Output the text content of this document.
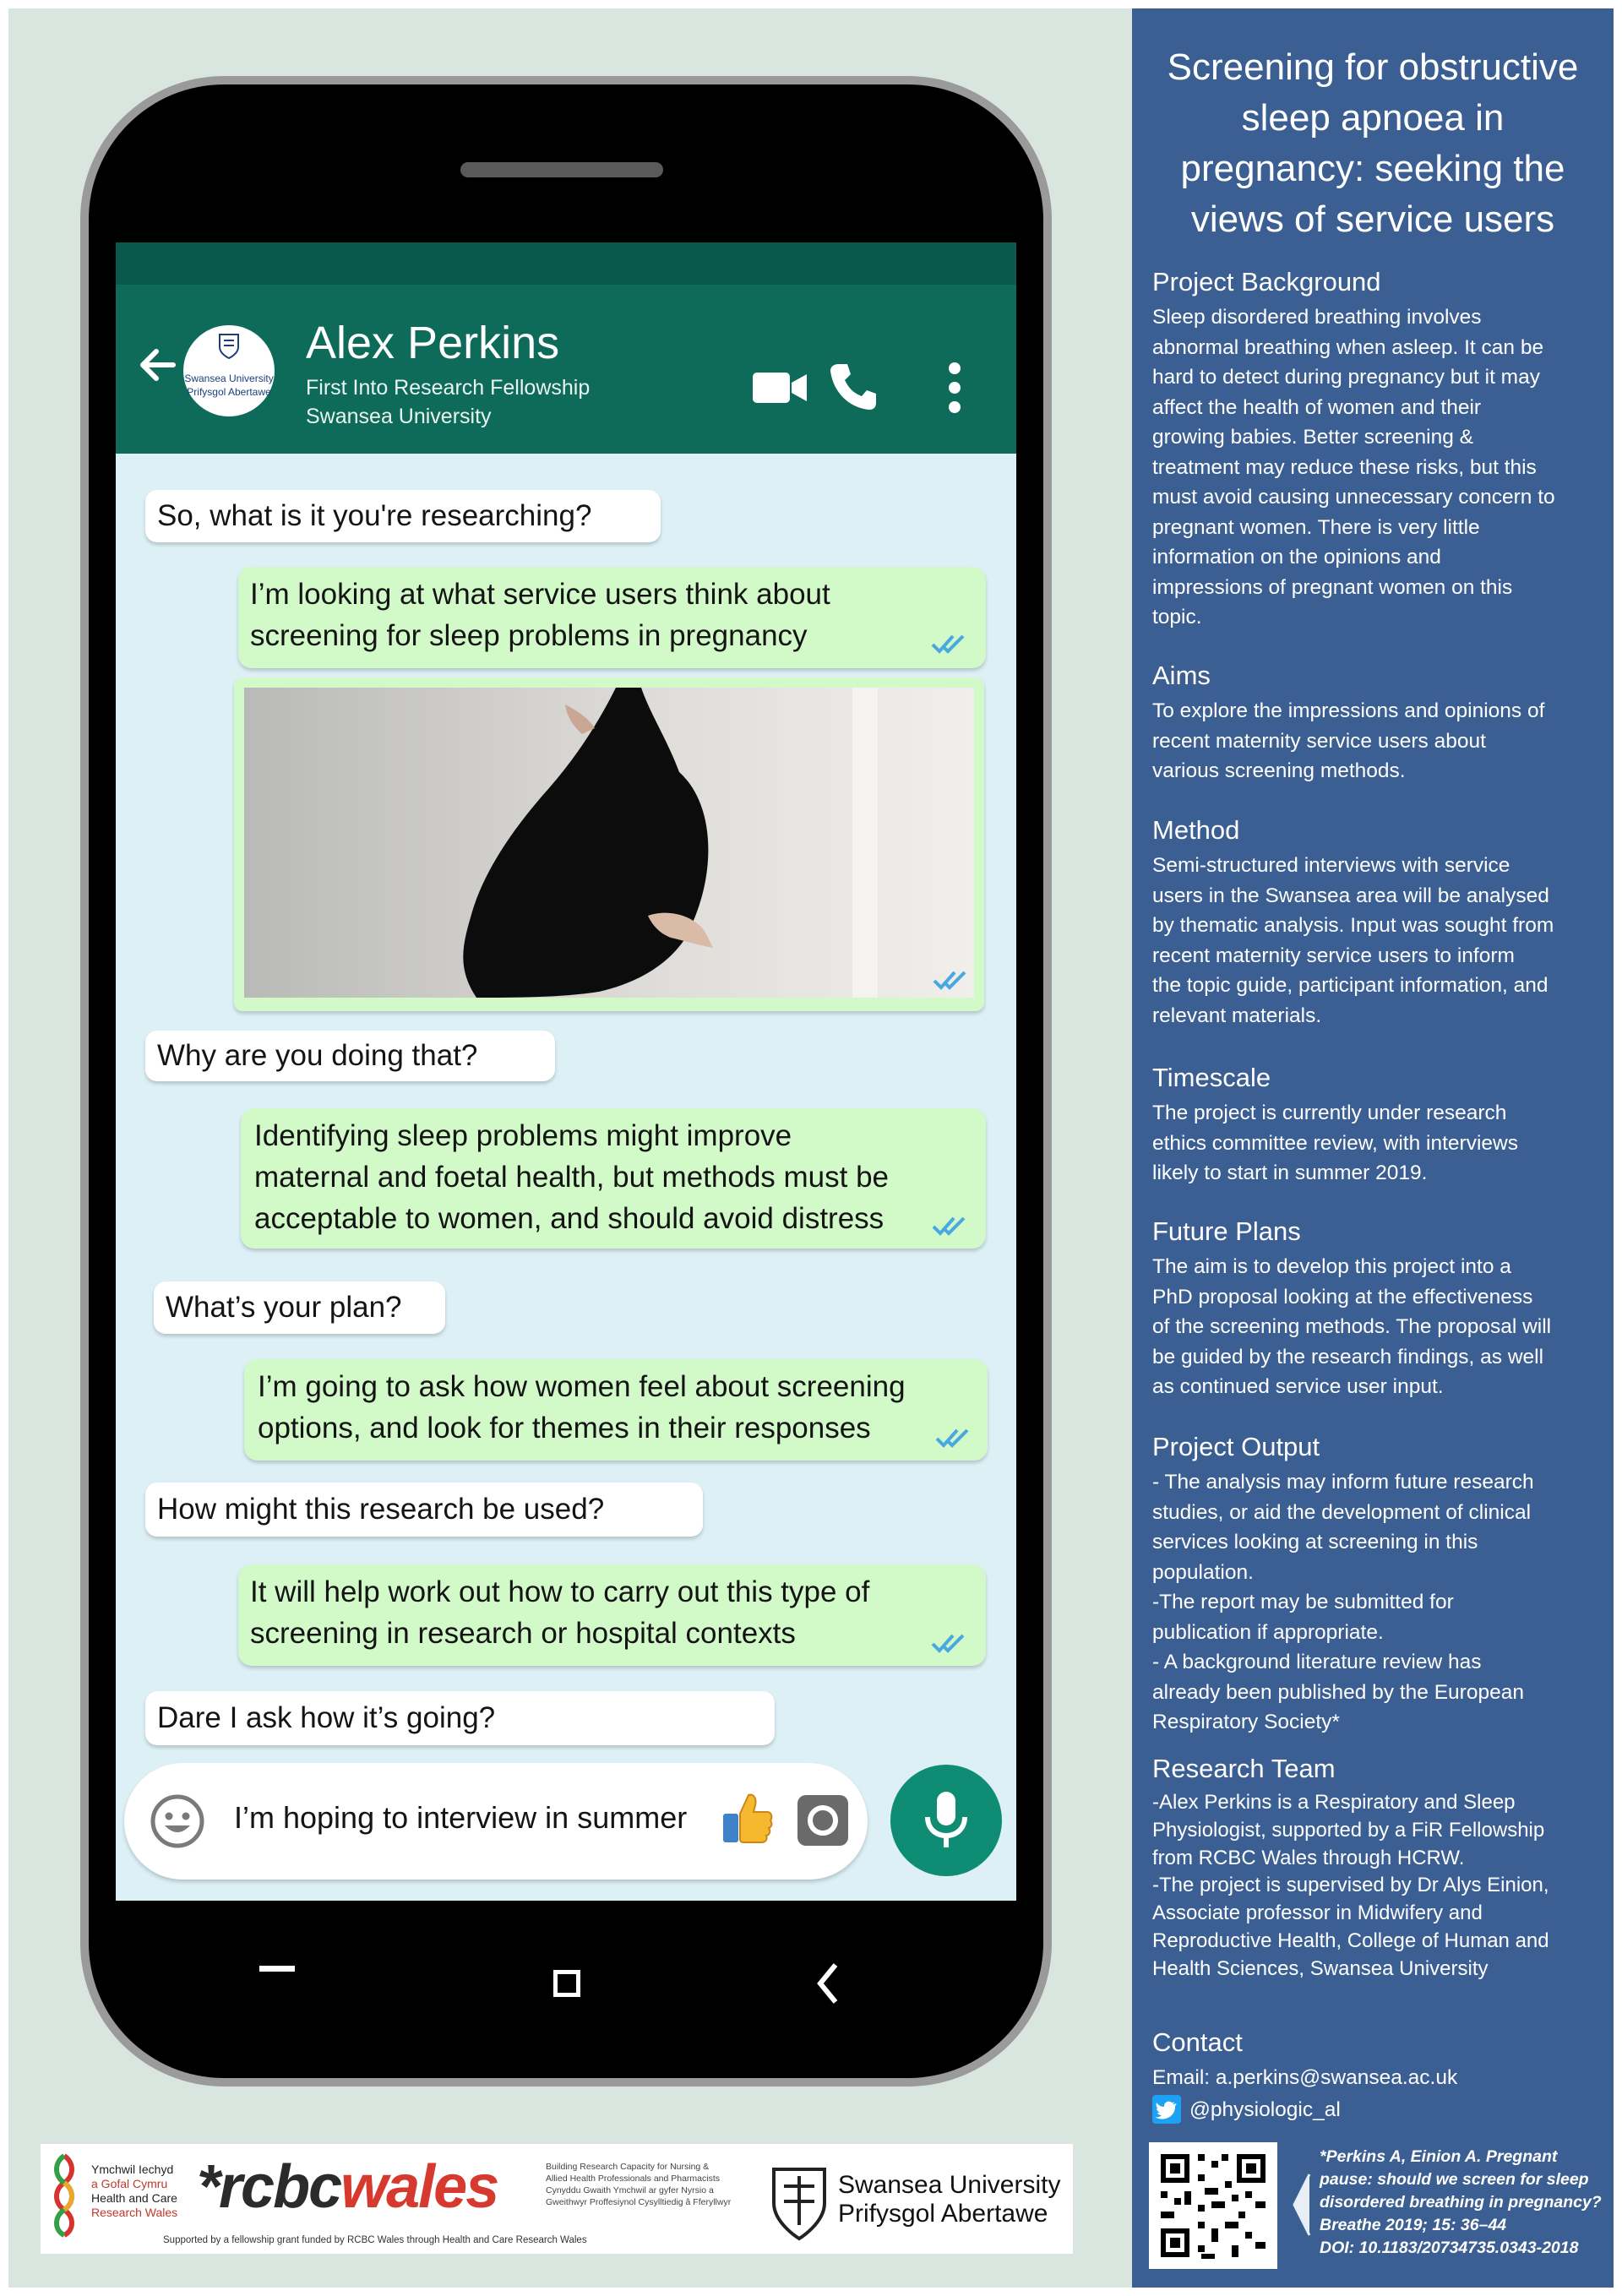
Swansea University
Prifysgol Abertawe
Alex Perkins
First Into Research Fellowship
Swansea University
So, what is it you're researching?
I’m looking at what service users think about
screening for sleep problems in pregnancy
Why are you doing that?
Identifying sleep problems might improve
maternal and foetal health, but methods must be
acceptable to women, and should avoid distress
What’s your plan?
I’m going to ask how women feel about screening
options, and look for themes in their responses
How might this research be used?
It will help work out how to carry out this type of
screening in research or hospital contexts
Dare I ask how it’s going?
I’m hoping to interview in summer
Ymchwil Iechyd
a Gofal Cymru
Health and Care
Research Wales *rcbcwales	Building Research Capacity for Nursing &
Allied Health Professionals and Pharmacists
Cynyddu Gwaith Ymchwil ar gyfer Nyrsio a
Gweithwyr Proffesiynol Cysylltiedig â Fferyllwyr
Supported by a fellowship grant funded by RCBC Wales through Health and Care Research Wales
Swansea University
Prifysgol Abertawe
Screening for obstructive
sleep apnoea in
pregnancy: seeking the
views of service users
Project Background
Sleep disordered breathing involves
abnormal breathing when asleep. It can be
hard to detect during pregnancy but it may
affect the health of women and their
growing babies. Better screening &
treatment may reduce these risks, but this
must avoid causing unnecessary concern to
pregnant women. There is very little
information on the opinions and
impressions of pregnant women on this
topic.
Aims
To explore the impressions and opinions of
recent maternity service users about
various screening methods.
Method
Semi-structured interviews with service
users in the Swansea area will be analysed
by thematic analysis. Input was sought from
recent maternity service users to inform
the topic guide, participant information, and
relevant materials.
Timescale
The project is currently under research
ethics committee review, with interviews
likely to start in summer 2019.
Future Plans
The aim is to develop this project into a
PhD proposal looking at the effectiveness
of the screening methods. The proposal will
be guided by the research findings, as well
as continued service user input.
Project Output
- The analysis may inform future research
studies, or aid the development of clinical
services looking at screening in this
population.
-The report may be submitted for
publication if appropriate.
- A background literature review has
already been published by the European
Respiratory Society*
Research Team
-Alex Perkins is a Respiratory and Sleep
Physiologist, supported by a FiR Fellowship
from RCBC Wales through HCRW.
-The project is supervised by Dr Alys Einion,
Associate professor in Midwifery and
Reproductive Health, College of Human and
Health Sciences, Swansea University
Contact
Email: a.perkins@swansea.ac.uk
@physiologic_al
*Perkins A, Einion A. Pregnant
pause: should we screen for sleep
disordered breathing in pregnancy?
Breathe 2019; 15: 36–44
DOI: 10.1183/20734735.0343-2018
